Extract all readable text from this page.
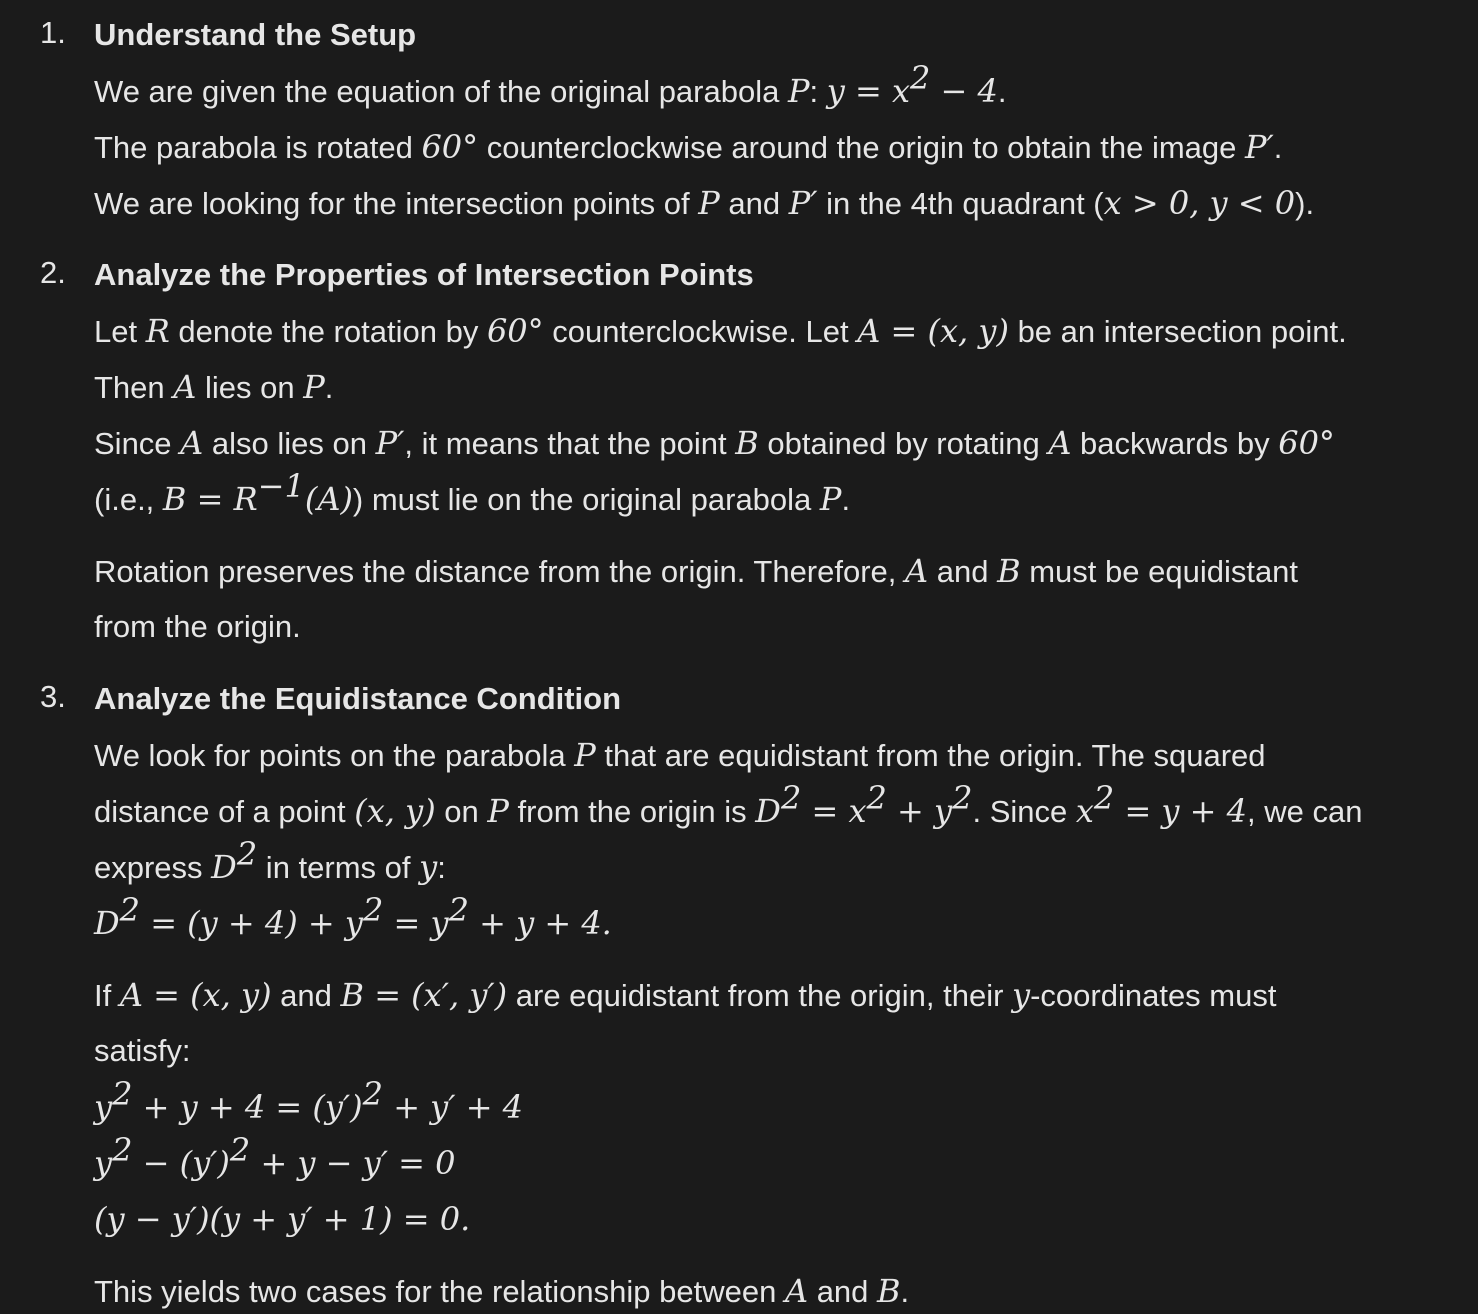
1. Understand the Setup
We are given the equation of the original parabola P: $y = x^2 - 4$.
The parabola is rotated 60° counterclockwise around the origin to obtain the image P′.
We are looking for the intersection points of P and P′ in the 4th quadrant (x > 0, y < 0).
2. Analyze the Properties of Intersection Points
Let R denote the rotation by 60° counterclockwise. Let A = (x, y) be an intersection point.
Then A lies on P.
Since A also lies on P′, it means that the point B obtained by rotating A backwards by 60°
(i.e., $B = R^{-1}(A)$) must lie on the original parabola P.
Rotation preserves the distance from the origin. Therefore, A and B must be equidistant
from the origin.
3. Analyze the Equidistance Condition
We look for points on the parabola P that are equidistant from the origin. The squared
distance of a point (x, y) on P from the origin is $D^2 = x^2 + y^2$. Since $x^2 = y + 4$, we can
express $D^2$ in terms of y:
$D^2 = (y + 4) + y^2 = y^2 + y + 4$.
If A = (x, y) and B = (x′, y′) are equidistant from the origin, their y-coordinates must
satisfy:
$y^2 + y + 4 = (y')^2 + y' + 4$
$y^2 - (y')^2 + y - y' = 0$
(y − y′)(y + y′ + 1) = 0.
This yields two cases for the relationship between A and B.
